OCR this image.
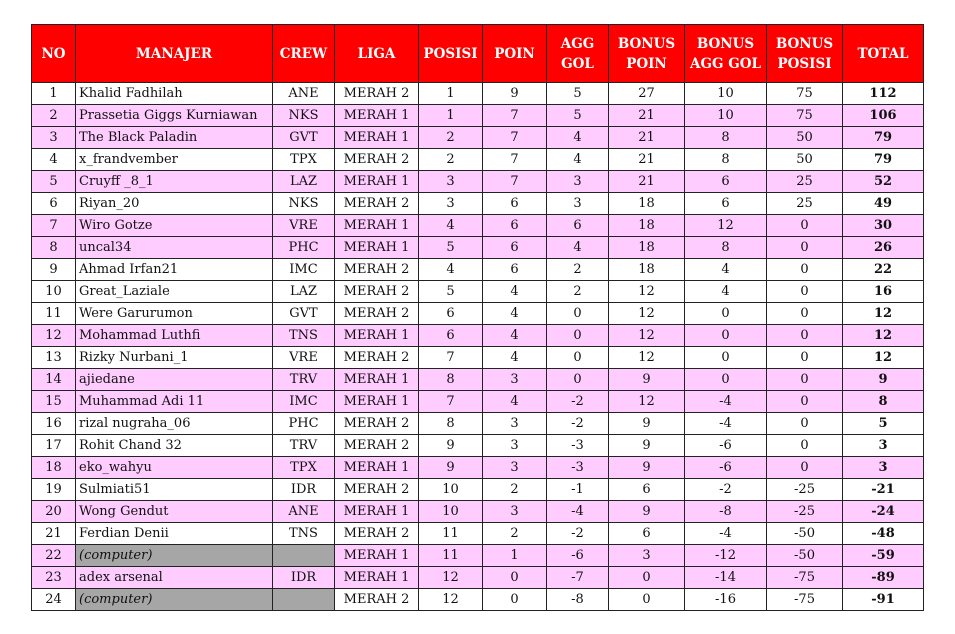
NO	MANAJER	CREW	LIGA	POSISI	POIN	AGG GOL	BONUS POIN	BONUS AGG GOL	BONUS POSISI	TOTAL
1	Khalid Fadhilah	ANE	MERAH 2	1	9	5	27	10	75	112
2	Prassetia Giggs Kurniawan	NKS	MERAH 1	1	7	5	21	10	75	106
3	The Black Paladin	GVT	MERAH 1	2	7	4	21	8	50	79
4	x_frandvember	TPX	MERAH 2	2	7	4	21	8	50	79
5	Cruyff _8_1	LAZ	MERAH 1	3	7	3	21	6	25	52
6	Riyan_20	NKS	MERAH 2	3	6	3	18	6	25	49
7	Wiro Gotze	VRE	MERAH 1	4	6	6	18	12	0	30
8	uncal34	PHC	MERAH 1	5	6	4	18	8	0	26
9	Ahmad Irfan21	IMC	MERAH 2	4	6	2	18	4	0	22
10	Great_Laziale	LAZ	MERAH 2	5	4	2	12	4	0	16
11	Were Garurumon	GVT	MERAH 2	6	4	0	12	0	0	12
12	Mohammad Luthfi	TNS	MERAH 1	6	4	0	12	0	0	12
13	Rizky Nurbani_1	VRE	MERAH 2	7	4	0	12	0	0	12
14	ajiedane	TRV	MERAH 1	8	3	0	9	0	0	9
15	Muhammad Adi 11	IMC	MERAH 1	7	4	-2	12	-4	0	8
16	rizal nugraha_06	PHC	MERAH 2	8	3	-2	9	-4	0	5
17	Rohit Chand 32	TRV	MERAH 2	9	3	-3	9	-6	0	3
18	eko_wahyu	TPX	MERAH 1	9	3	-3	9	-6	0	3
19	Sulmiati51	IDR	MERAH 2	10	2	-1	6	-2	-25	-21
20	Wong Gendut	ANE	MERAH 1	10	3	-4	9	-8	-25	-24
21	Ferdian Denii	TNS	MERAH 2	11	2	-2	6	-4	-50	-48
22	(computer)		MERAH 1	11	1	-6	3	-12	-50	-59
23	adex arsenal	IDR	MERAH 1	12	0	-7	0	-14	-75	-89
24	(computer)		MERAH 2	12	0	-8	0	-16	-75	-91
